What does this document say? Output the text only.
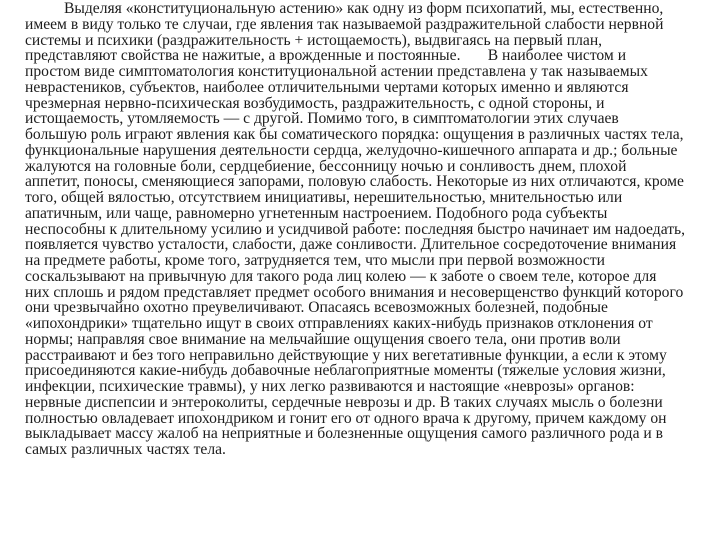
Выделяя «конституциональную астению» как одну из форм психопатий, мы, естественно,
имеем в виду только те случаи, где явления так называемой раздражительной слабости нервной
системы и психики (раздражительность + истощаемость), выдвигаясь на первый план,
представляют свойства не нажитые, а врожденные и постоянные.       В наиболее чистом и
простом виде симптоматология конституциональной астении представлена у так называемых
неврастеников, субъектов, наиболее отличительными чертами которых именно и являются
чрезмерная нервно-психическая возбудимость, раздражительность, с одной стороны, и
истощаемость, утомляемость — с другой. Помимо того, в симптоматологии этих случаев
большую роль играют явления как бы соматического порядка: ощущения в различных частях тела,
функциональные нарушения деятельности сердца, желудочно-кишечного аппарата и др.; больные
жалуются на головные боли, сердцебиение, бессонницу ночью и сонливость днем, плохой
аппетит, поносы, сменяющиеся запорами, половую слабость. Некоторые из них отличаются, кроме
того, общей вялостью, отсутствием инициативы, нерешительностью, мнительностью или
апатичным, или чаще, равномерно угнетенным настроением. Подобного рода субъекты
неспособны к длительному усилию и усидчивой работе: последняя быстро начинает им надоедать,
появляется чувство усталости, слабости, даже сонливости. Длительное сосредоточение внимания
на предмете работы, кроме того, затрудняется тем, что мысли при первой возможности
соскальзывают на привычную для такого рода лиц колею — к заботе о своем теле, которое для
них сплошь и рядом представляет предмет особого внимания и несоверщенство функций которого
они чрезвычайно охотно преувеличивают. Опасаясь всевозможных болезней, подобные
«ипохондрики» тщательно ищут в своих отправлениях каких-нибудь признаков отклонения от
нормы; направляя свое внимание на мельчайшие ощущения своего тела, они против воли
расстраивают и без того неправильно действующие у них вегетативные функции, а если к этому
присоединяются какие-нибудь добавочные неблагоприятные моменты (тяжелые условия жизни,
инфекции, психические травмы), у них легко развиваются и настоящие «неврозы» органов:
нервные диспепсии и энтероколиты, сердечные неврозы и др. В таких случаях мысль о болезни
полностью овладевает ипохондриком и гонит его от одного врача к другому, причем каждому он
выкладывает массу жалоб на неприятные и болезненные ощущения самого различного рода и в
самых различных частях тела.
